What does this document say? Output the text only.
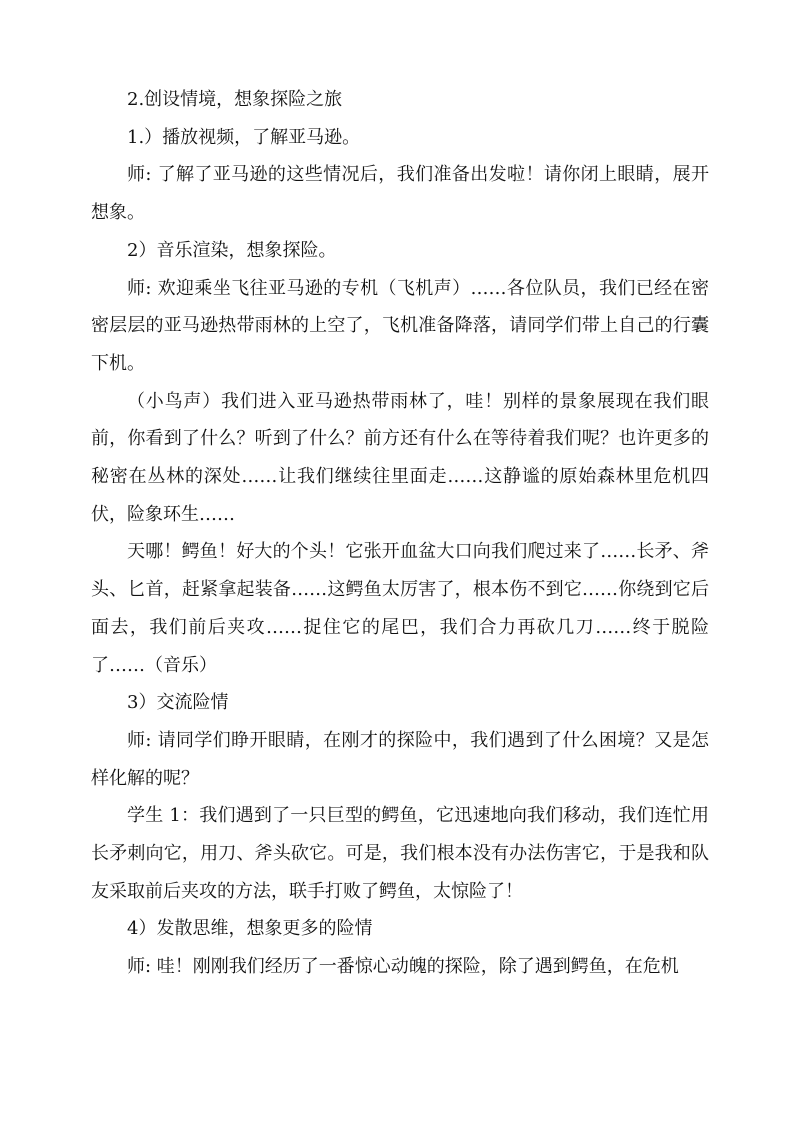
2.创设情境，想象探险之旅

1.）播放视频，了解亚马逊。

师: 了解了亚马逊的这些情况后，我们准备出发啦！请你闭上眼睛，展开想象。

2）音乐渲染，想象探险。

师: 欢迎乘坐飞往亚马逊的专机（飞机声）……各位队员，我们已经在密密层层的亚马逊热带雨林的上空了，飞机准备降落，请同学们带上自己的行囊下机。

（小鸟声）我们进入亚马逊热带雨林了，哇！别样的景象展现在我们眼前，你看到了什么？听到了什么？前方还有什么在等待着我们呢？也许更多的秘密在丛林的深处……让我们继续往里面走……这静谧的原始森林里危机四伏，险象环生……

天哪！鳄鱼！好大的个头！它张开血盆大口向我们爬过来了……长矛、斧头、匕首，赶紧拿起装备……这鳄鱼太厉害了，根本伤不到它……你绕到它后面去，我们前后夹攻……捉住它的尾巴，我们合力再砍几刀……终于脱险了……（音乐）

3）交流险情

师: 请同学们睁开眼睛，在刚才的探险中，我们遇到了什么困境？又是怎样化解的呢？

学生 1：我们遇到了一只巨型的鳄鱼，它迅速地向我们移动，我们连忙用长矛刺向它，用刀、斧头砍它。可是，我们根本没有办法伤害它，于是我和队友采取前后夹攻的方法，联手打败了鳄鱼，太惊险了！

4）发散思维，想象更多的险情

师: 哇！刚刚我们经历了一番惊心动魄的探险，除了遇到鳄鱼，在危机
